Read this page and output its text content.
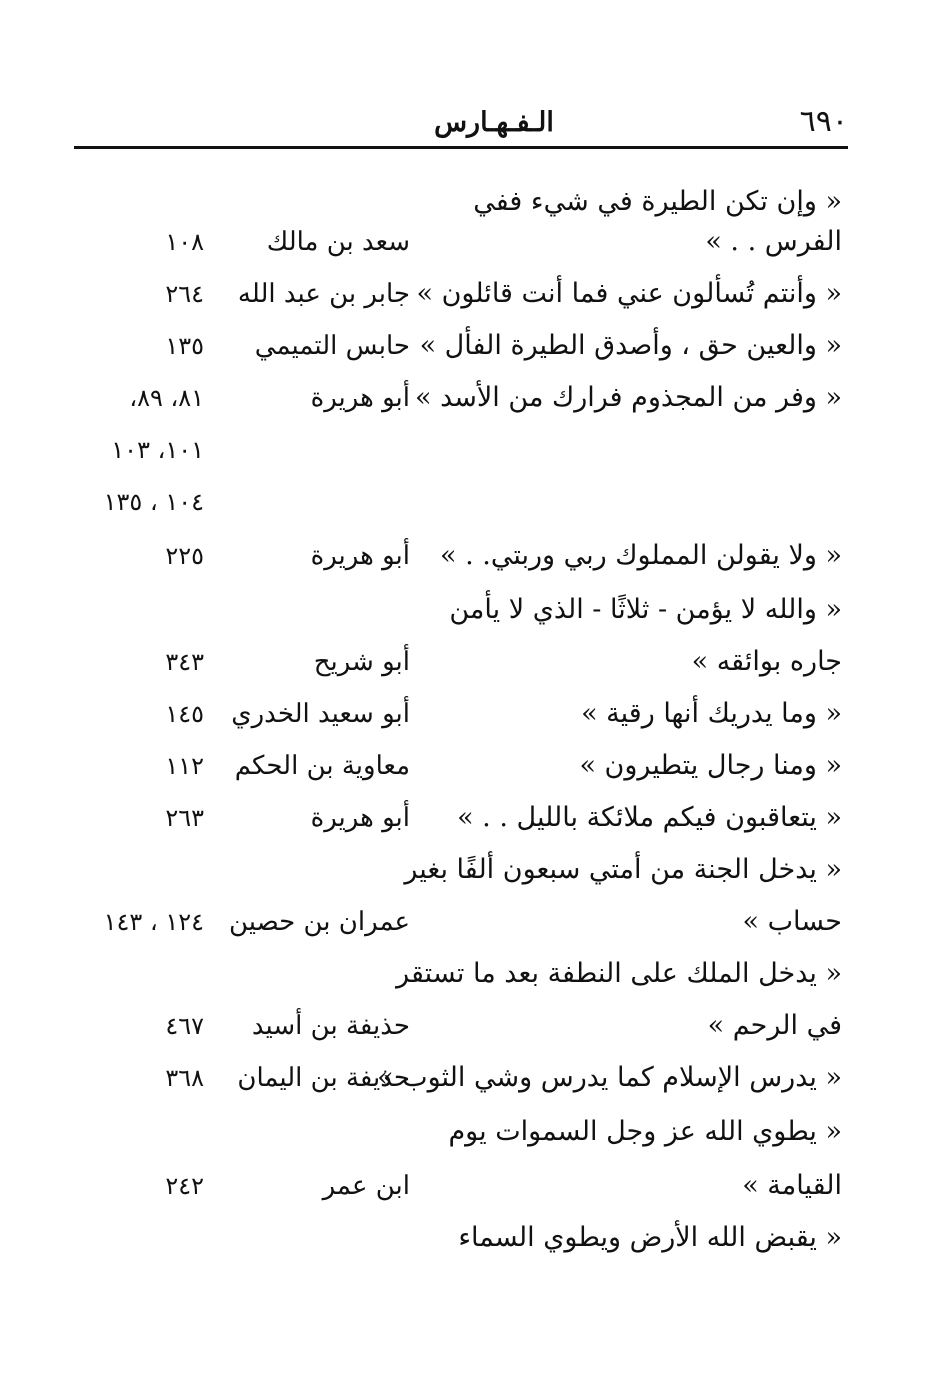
٦٩٠
الـفـهـارس
« وإن تكن الطيرة في شيء ففي
الفرس . . »
سعد بن مالك
١٠٨
« وأنتم تُسألون عني فما أنت قائلون »
جابر بن عبد الله
٢٦٤
« والعين حق ، وأصدق الطيرة الفأل »
حابس التميمي
١٣٥
« وفر من المجذوم فرارك من الأسد »
أبو هريرة
٨١، ٨٩،
١٠١، ١٠٣
١٠٤ ، ١٣٥
« ولا يقولن المملوك ربي وربتي. . »
أبو هريرة
٢٢٥
« والله لا يؤمن - ثلاثًا - الذي لا يأمن
جاره بوائقه »
أبو شريح
٣٤٣
« وما يدريك أنها رقية »
أبو سعيد الخدري
١٤٥
« ومنا رجال يتطيرون »
معاوية بن الحكم
١١٢
« يتعاقبون فيكم ملائكة بالليل . . »
أبو هريرة
٢٦٣
« يدخل الجنة من أمتي سبعون ألفًا بغير
حساب »
عمران بن حصين
١٢٤ ، ١٤٣
« يدخل الملك على النطفة بعد ما تستقر
في الرحم »
حذيفة بن أسيد
٤٦٧
« يدرس الإسلام كما يدرس وشي الثوب »
حذيفة بن اليمان
٣٦٨
« يطوي الله عز وجل السموات يوم
القيامة »
ابن عمر
٢٤٢
« يقبض الله الأرض ويطوي السماء
